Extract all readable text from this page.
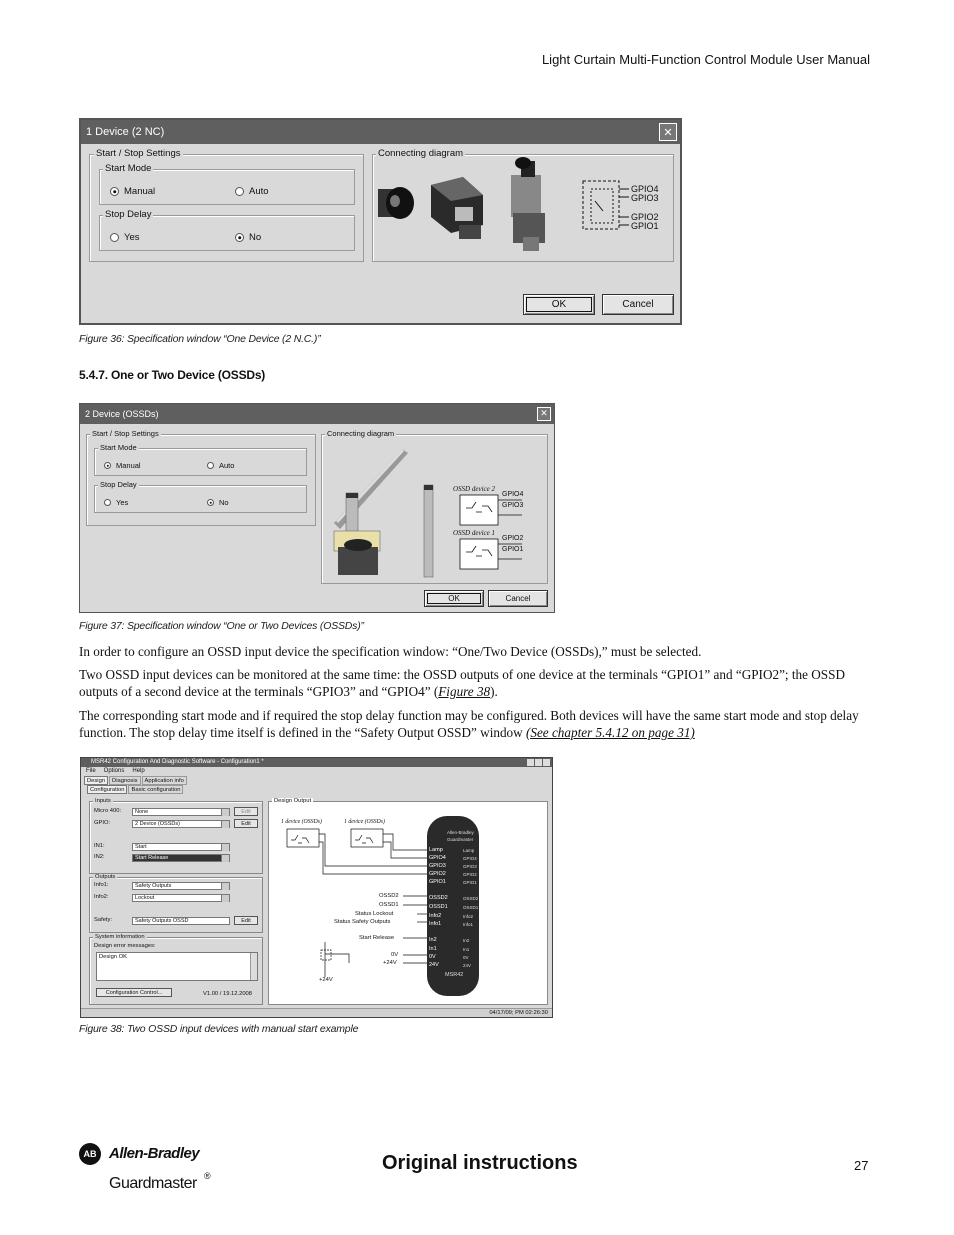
Light Curtain Multi-Function Control Module User Manual
1 Device (2 NC)	✕
Start / Stop Settings
Start Mode
Manual	Auto
Stop Delay
Yes	No
Connecting diagram
GPIO4
GPIO3
GPIO2
GPIO1
OK	Cancel
Figure 36: Specification window “One Device (2 N.C.)”
5.4.7. One or Two Device (OSSDs)
2 Device (OSSDs)	✕
Start / Stop Settings
Start Mode
Manual	Auto
Stop Delay
Yes	No
Connecting diagram
OSSD device 2
OSSD device 1
GPIO4
GPIO3
GPIO2
GPIO1
OK	Cancel
Figure 37: Specification window “One or Two Devices (OSSDs)”

In order to configure an OSSD input device the specification window: “One/Two Device (OSSDs),” must be selected.

Two OSSD input devices can be monitored at the same time: the OSSD outputs of one device at the terminals “GPIO1” and “GPIO2”; the OSSD outputs of a second device at the terminals “GPIO3” and “GPIO4” (Figure 38).

The corresponding start mode and if required the stop delay function may be configured. Both devices will have the same start mode and stop delay function. The stop delay time itself is defined in the “Safety Output OSSD” window (See chapter 5.4.12 on page 31)

MSR42 Configuration And Diagnostic Software - Configuration1 *
File Options Help
Design	Diagnosis	Application info
Configuration	Basic configuration
Inputs
Micro 400:	None	Edit
GPIO:	2 Device (OSSDs)	Edit
IN1:	Start
IN2:	Start Release
Outputs
Info1:	Safety Outputs
Info2:	Lockout
Safety:	Safety Outputs OSSD	Edit
System information
Design error messages:
Design OK
Configuration Control...	V1.00 / 19.12.2008
Design Output
1 device (OSSDs)	1 device (OSSDs)
OSSD2
OSSD1
Status Lockout
Status Safety Outputs
Start Release
0V
+24V
+24V
Allen-Bradley
Guardmaster
Lamp
GPIO4
GPIO3
GPIO2
GPIO1
OSSD2
OSSD1
Info2
Info1
In2
In1
0V
24V
Lamp
GPIO4
GPIO3
GPIO2
GPIO1
OSSD2
OSSD1
Info2
Info1
In2
In1
0V
24V
MSR42
04/17/09; PM 02:26:30
Figure 38: Two OSSD input devices with manual start example
AB Allen-Bradley
Guardmaster ®
Original instructions	27
